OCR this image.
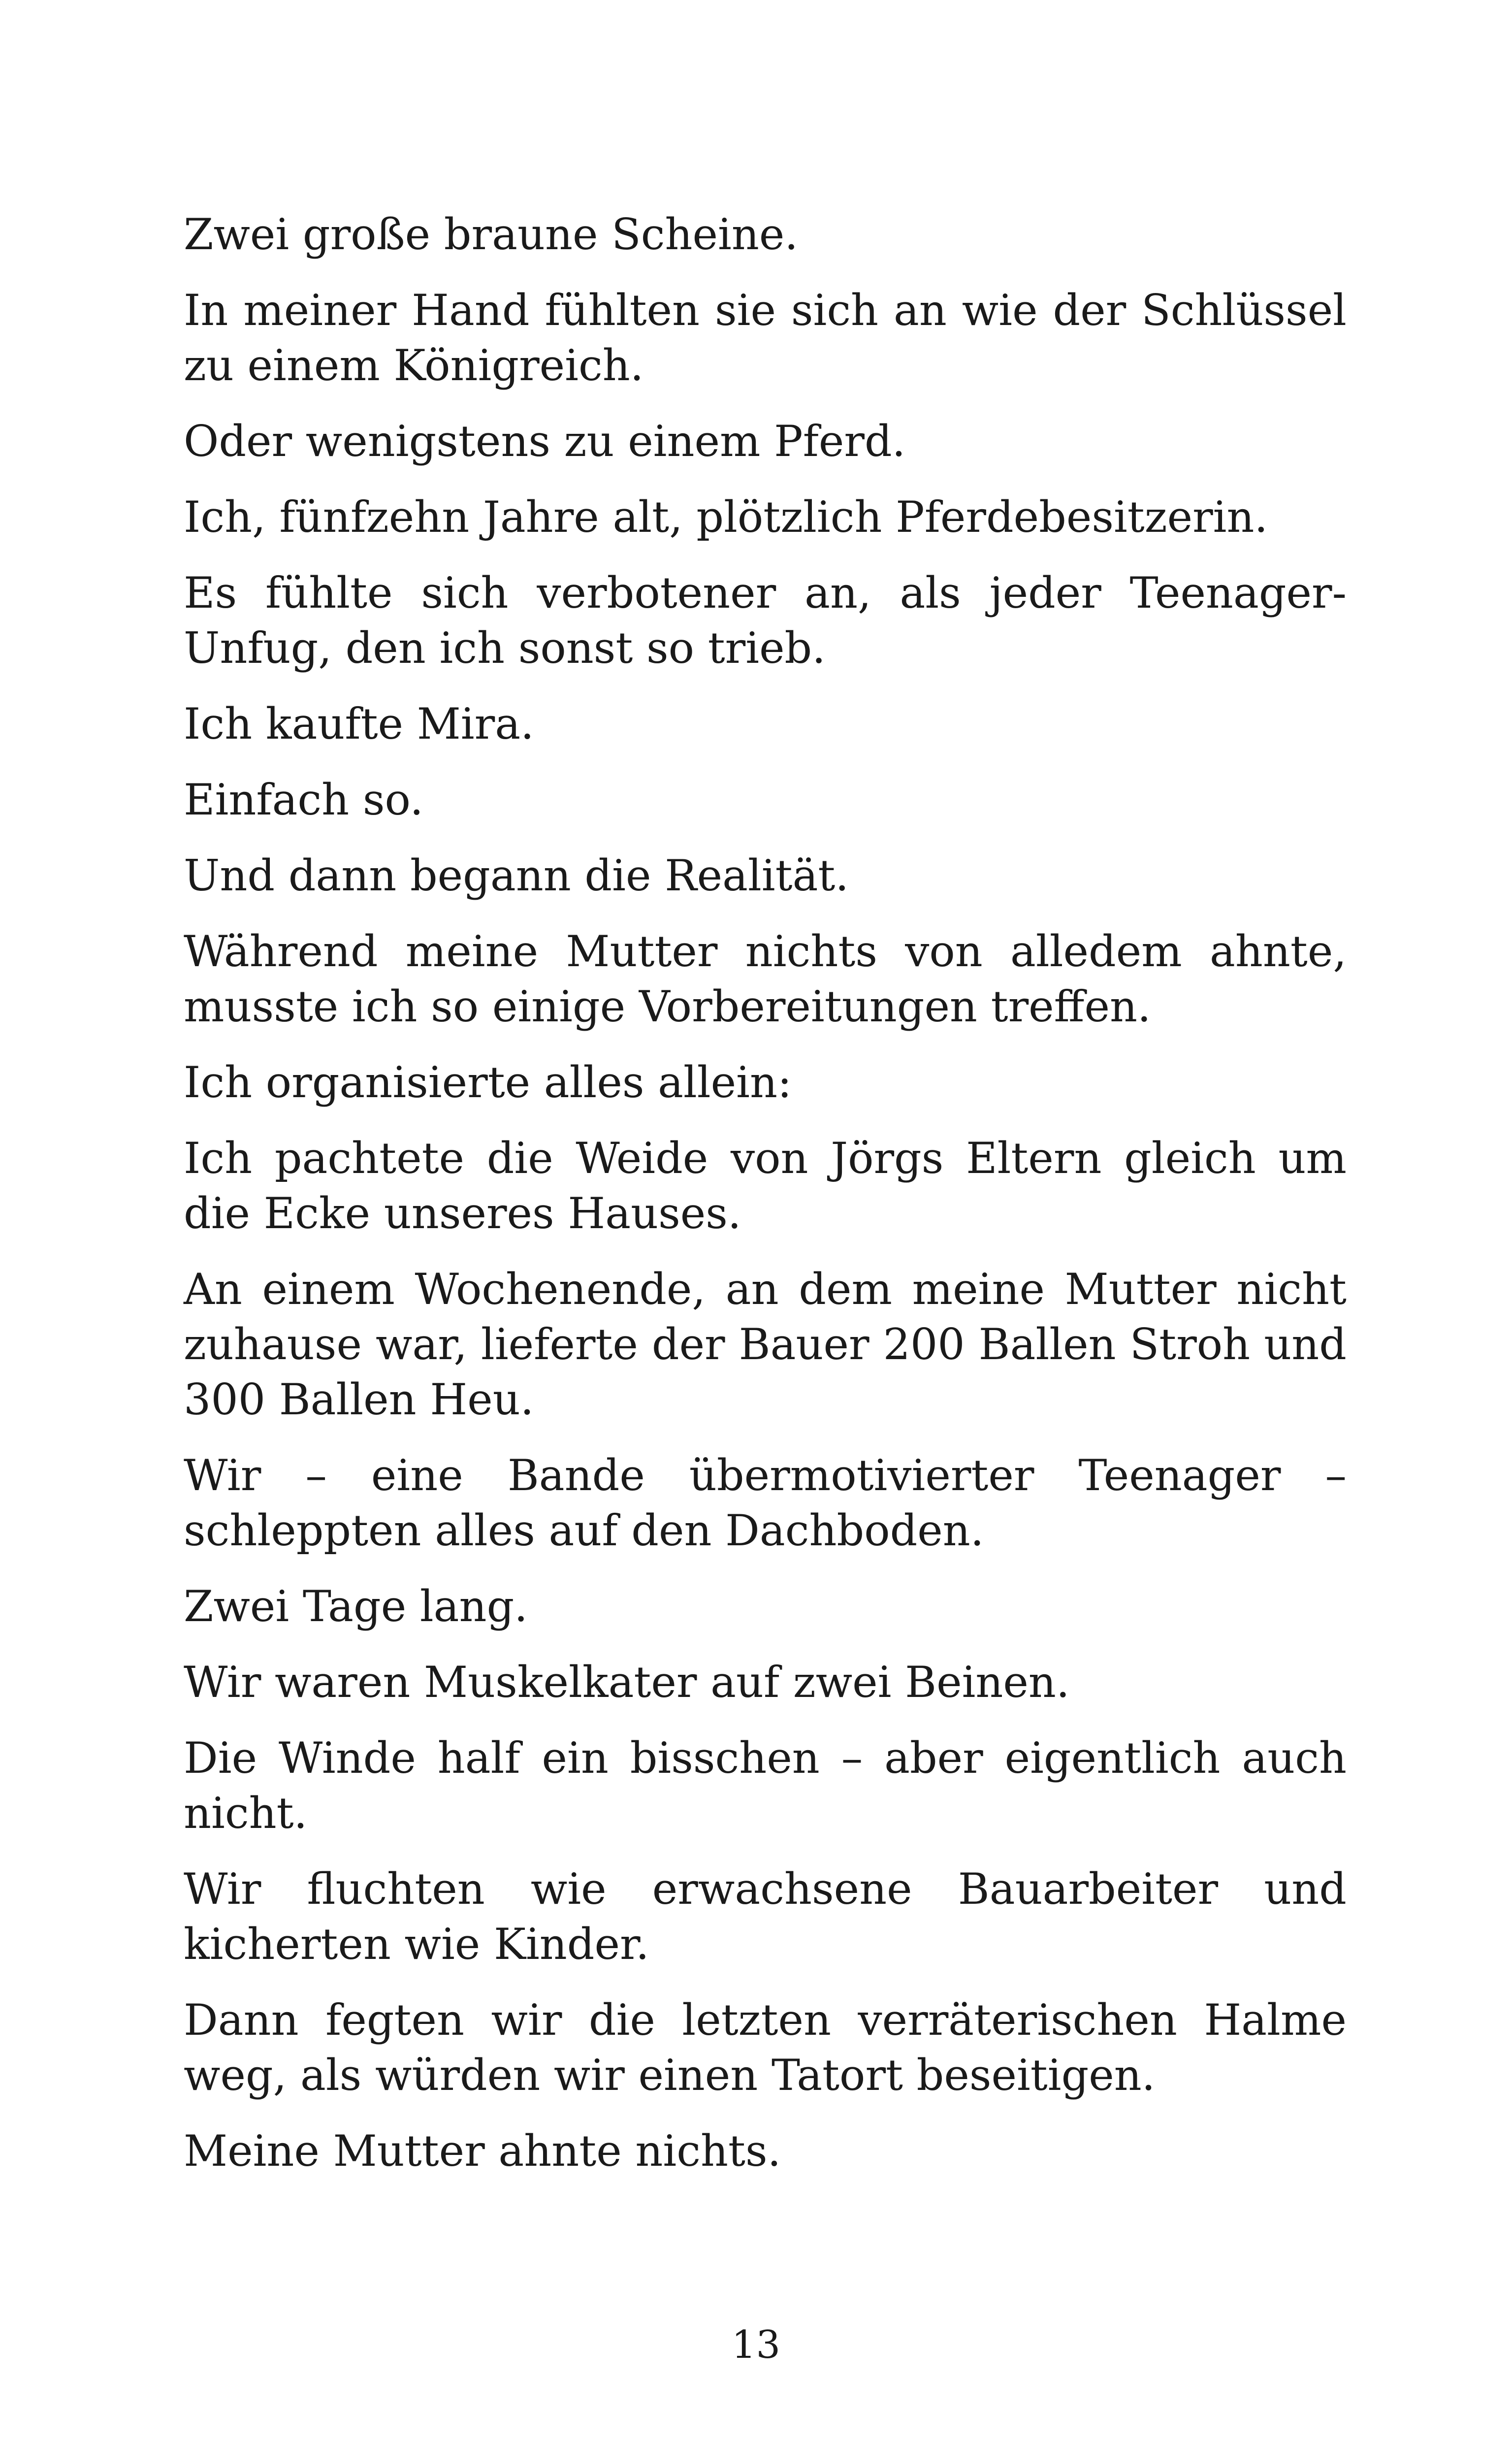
Zwei große braune Scheine.

In meiner Hand fühlten sie sich an wie der Schlüssel zu einem Königreich.

Oder wenigstens zu einem Pferd.

Ich, fünfzehn Jahre alt, plötzlich Pferdebesitzerin.

Es fühlte sich verbotener an, als jeder Teenager-Unfug, den ich sonst so trieb.

Ich kaufte Mira.

Einfach so.

Und dann begann die Realität.

Während meine Mutter nichts von alledem ahnte, musste ich so einige Vorbereitungen treffen.

Ich organisierte alles allein:

Ich pachtete die Weide von Jörgs Eltern gleich um die Ecke unseres Hauses.

An einem Wochenende, an dem meine Mutter nicht zuhause war, lieferte der Bauer 200 Ballen Stroh und 300 Ballen Heu.

Wir – eine Bande übermotivierter Teenager – schleppten alles auf den Dachboden.

Zwei Tage lang.

Wir waren Muskelkater auf zwei Beinen.

Die Winde half ein bisschen – aber eigentlich auch nicht.

Wir fluchten wie erwachsene Bauarbeiter und kicherten wie Kinder.

Dann fegten wir die letzten verräterischen Halme weg, als würden wir einen Tatort beseitigen.

Meine Mutter ahnte nichts.

13
